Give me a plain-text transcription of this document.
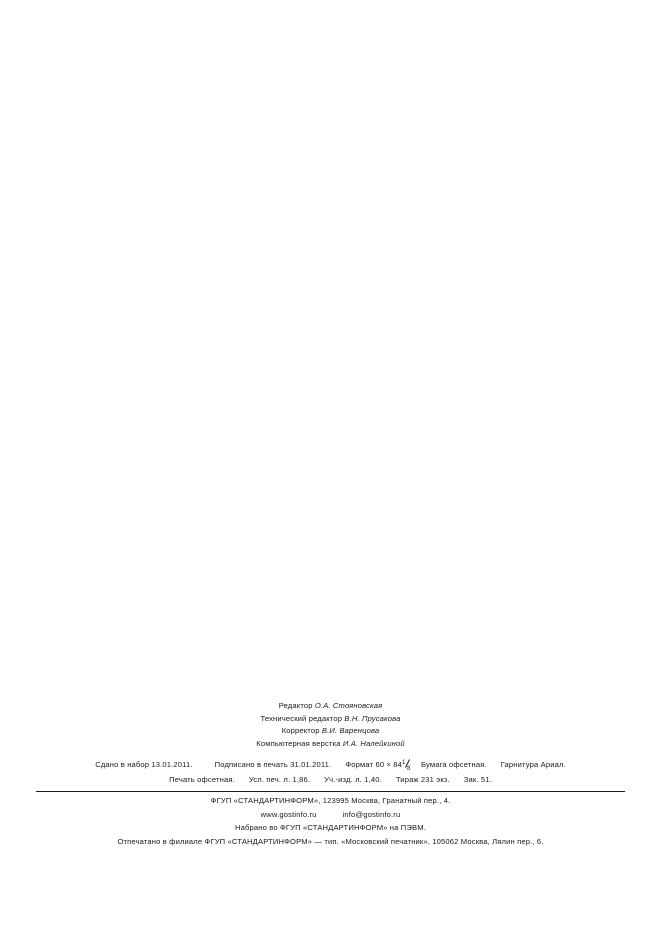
Редактор О.А. Стояновская
Технический редактор В.Н. Прусакова
Корректор В.И. Варенцова
Компьютерная верстка И.А. Налейкиной
Сдано в набор 13.01.2011.	Подписано в печать 31.01.2011. Формат 60 × 84 1
8 Бумага офсетная. Гарнитура Ариал.
Печать офсетная. Усл. печ. л. 1,86. Уч.-изд. л. 1,40. Тираж 231 экз. Зак. 51.
ФГУП «СТАНДАРТИНФОРМ», 123995 Москва, Гранатный пер., 4.
www.gostinfo.ru	info@gostinfo.ru
Набрано во ФГУП «СТАНДАРТИНФОРМ» на ПЭВМ.
Отпечатано в филиале ФГУП «СТАНДАРТИНФОРМ» — тип. «Московский печатник», 105062 Москва, Лялин пер., 6.
